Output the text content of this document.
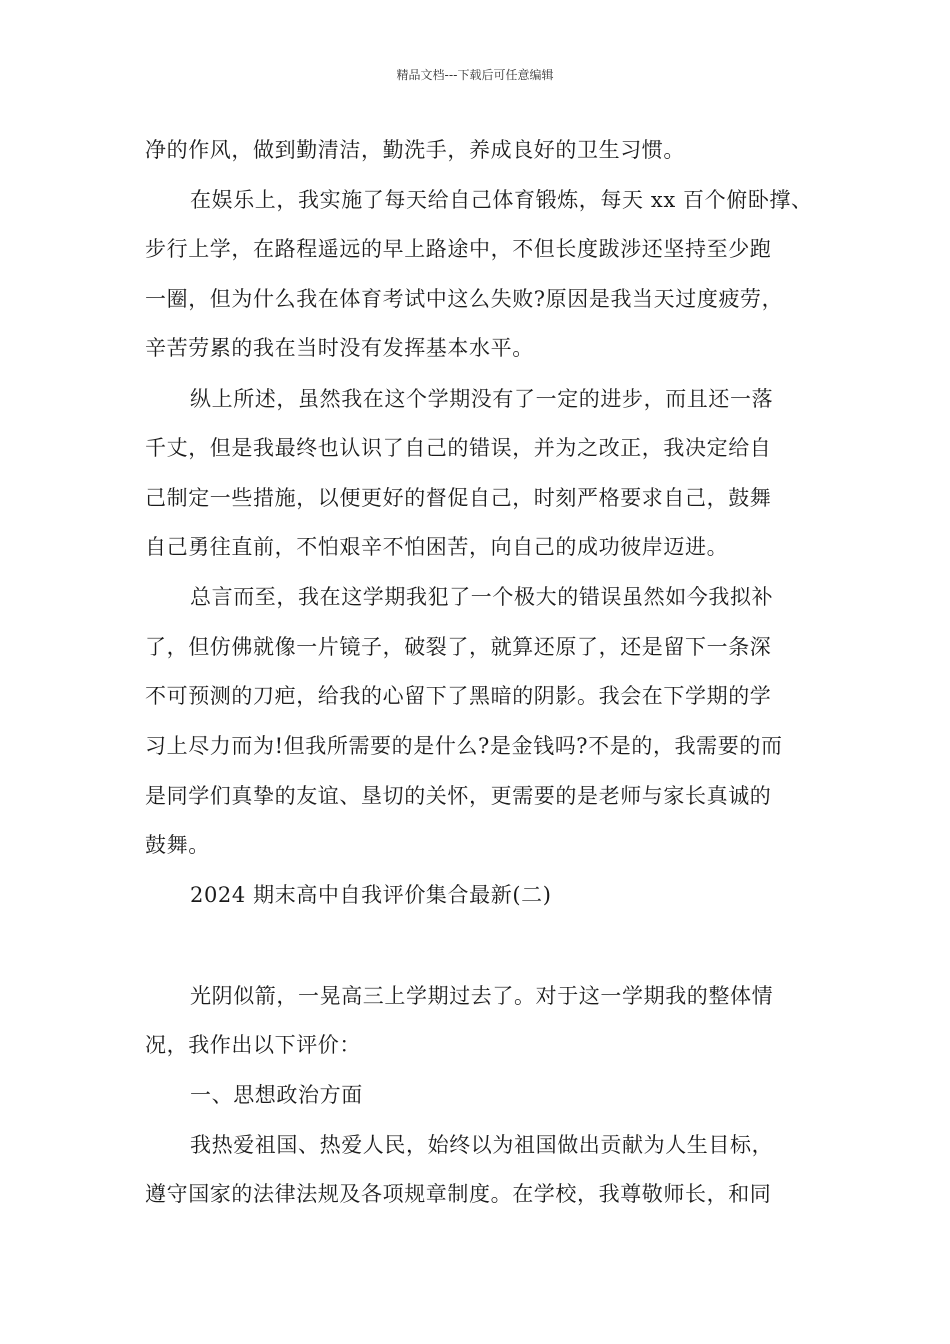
精品文档---下载后可任意编辑
净的作风，做到勤清洁，勤洗手，养成良好的卫生习惯。
在娱乐上，我实施了每天给自己体育锻炼，每天 xx 百个俯卧撑、
步行上学，在路程遥远的早上路途中，不但长度跋涉还坚持至少跑
一圈，但为什么我在体育考试中这么失败?原因是我当天过度疲劳，
辛苦劳累的我在当时没有发挥基本水平。
纵上所述，虽然我在这个学期没有了一定的进步，而且还一落
千丈，但是我最终也认识了自己的错误，并为之改正，我决定给自
己制定一些措施，以便更好的督促自己，时刻严格要求自己，鼓舞
自己勇往直前，不怕艰辛不怕困苦，向自己的成功彼岸迈进。
总言而至，我在这学期我犯了一个极大的错误虽然如今我拟补
了，但仿佛就像一片镜子，破裂了，就算还原了，还是留下一条深
不可预测的刀疤，给我的心留下了黑暗的阴影。我会在下学期的学
习上尽力而为!但我所需要的是什么?是金钱吗?不是的，我需要的而
是同学们真挚的友谊、垦切的关怀，更需要的是老师与家长真诚的
鼓舞。
2024 期末高中自我评价集合最新(二)
光阴似箭，一晃高三上学期过去了。对于这一学期我的整体情
况，我作出以下评价：
一、思想政治方面
我热爱祖国、热爱人民，始终以为祖国做出贡献为人生目标，
遵守国家的法律法规及各项规章制度。在学校，我尊敬师长，和同
